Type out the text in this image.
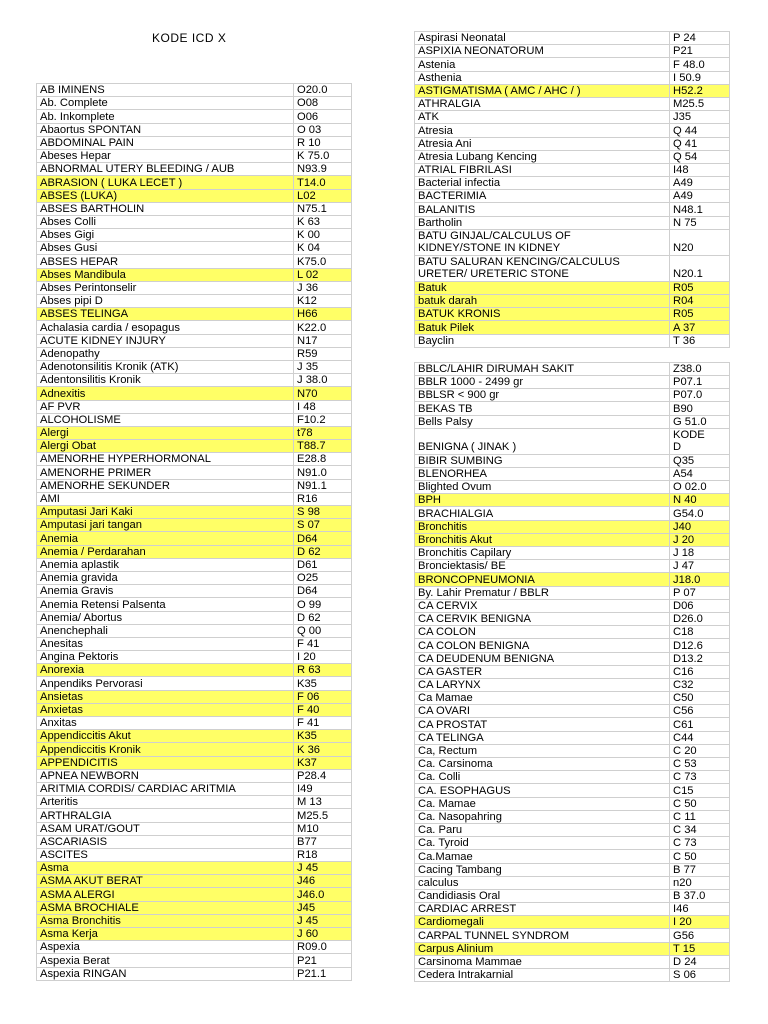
KODE ICD X
AB IMINENS	O20.0
Ab. Complete	O08
Ab. Inkomplete	O06
Abaortus SPONTAN	O 03
ABDOMINAL PAIN	R 10
Abeses Hepar	K 75.0
ABNORMAL UTERY BLEEDING / AUB	N93.9
ABRASION ( LUKA LECET )	T14.0
ABSES (LUKA)	L02
ABSES BARTHOLIN	N75.1
Abses Colli	K 63
Abses Gigi	K 00
Abses Gusi	K 04
ABSES HEPAR	K75.0
Abses Mandibula	L 02
Abses Perintonselir	J 36
Abses pipi D	K12
ABSES TELINGA	H66
Achalasia cardia / esopagus	K22.0
ACUTE KIDNEY INJURY	N17
Adenopathy	R59
Adenotonsilitis Kronik (ATK)	J 35
Adentonsilitis Kronik	J 38.0
Adnexitis	N70
AF PVR	I 48
ALCOHOLISME	F10.2
Alergi	t78
Alergi Obat	T88.7
AMENORHE HYPERHORMONAL	E28.8
AMENORHE PRIMER	N91.0
AMENORHE SEKUNDER	N91.1
AMI	R16
Amputasi Jari Kaki	S 98
Amputasi jari tangan	S 07
Anemia	D64
Anemia / Perdarahan	D 62
Anemia aplastik	D61
Anemia gravida	O25
Anemia Gravis	D64
Anemia Retensi Palsenta	O 99
Anemia/ Abortus	D 62
Anenchephali	Q 00
Anesitas	F 41
Angina Pektoris	I 20
Anorexia	R 63
Anpendiks Pervorasi	K35
Ansietas	F 06
Anxietas	F 40
Anxitas	F 41
Appendiccitis Akut	K35
Appendiccitis Kronik	K 36
APPENDICITIS	K37
APNEA NEWBORN	P28.4
ARITMIA CORDIS/ CARDIAC ARITMIA	I49
Arteritis	M 13
ARTHRALGIA	M25.5
ASAM URAT/GOUT	M10
ASCARIASIS	B77
ASCITES	R18
Asma	J 45
ASMA AKUT BERAT	J46
ASMA ALERGI	J46.0
ASMA BROCHIALE	J45
Asma Bronchitis	J 45
Asma Kerja	J 60
Aspexia	R09.0
Aspexia Berat	P21
Aspexia RINGAN	P21.1
Aspirasi Neonatal	P 24
ASPIXIA NEONATORUM	P21
Astenia	F 48.0
Asthenia	I 50.9
ASTIGMATISMA ( AMC / AHC / )	H52.2
ATHRALGIA	M25.5
ATK	J35
Atresia	Q 44
Atresia Ani	Q 41
Atresia Lubang Kencing	Q 54
ATRIAL FIBRILASI	I48
Bacterial infectia	A49
BACTERIMIA	A49
BALANITIS	N48.1
Bartholin	N 75
BATU GINJAL/CALCULUS OF
KIDNEY/STONE IN KIDNEY	N20
BATU SALURAN KENCING/CALCULUS
URETER/ URETERIC STONE	N20.1
Batuk	R05
batuk darah	R04
BATUK KRONIS	R05
Batuk Pilek	A 37
Bayclin	T 36

BBLC/LAHIR DIRUMAH SAKIT	Z38.0
BBLR 1000 - 2499 gr	P07.1
BBLSR < 900 gr	P07.0
BEKAS TB	B90
Bells Palsy	G 51.0
BENIGNA ( JINAK )	KODE
D
BIBIR SUMBING	Q35
BLENORHEA	A54
Blighted Ovum	O 02.0
BPH	N 40
BRACHIALGIA	G54.0
Bronchitis	J40
Bronchitis Akut	J 20
Bronchitis Capilary	J 18
Bronciektasis/ BE	J 47
BRONCOPNEUMONIA	J18.0
By. Lahir Prematur / BBLR	P 07
CA CERVIX	D06
CA CERVIK BENIGNA	D26.0
CA COLON	C18
CA COLON BENIGNA	D12.6
CA DEUDENUM BENIGNA	D13.2
CA GASTER	C16
CA LARYNX	C32
Ca Mamae	C50
CA OVARI	C56
CA PROSTAT	C61
CA TELINGA	C44
Ca, Rectum	C 20
Ca. Carsinoma	C 53
Ca. Colli	C 73
CA. ESOPHAGUS	C15
Ca. Mamae	C 50
Ca. Nasopahring	C 11
Ca. Paru	C 34
Ca. Tyroid	C 73
Ca.Mamae	C 50
Cacing Tambang	B 77
calculus	n20
Candidiasis Oral	B 37.0
CARDIAC ARREST	I46
Cardiomegali	I 20
CARPAL TUNNEL SYNDROM	G56
Carpus Alinium	T 15
Carsinoma Mammae	D 24
Cedera Intrakarnial	S 06
